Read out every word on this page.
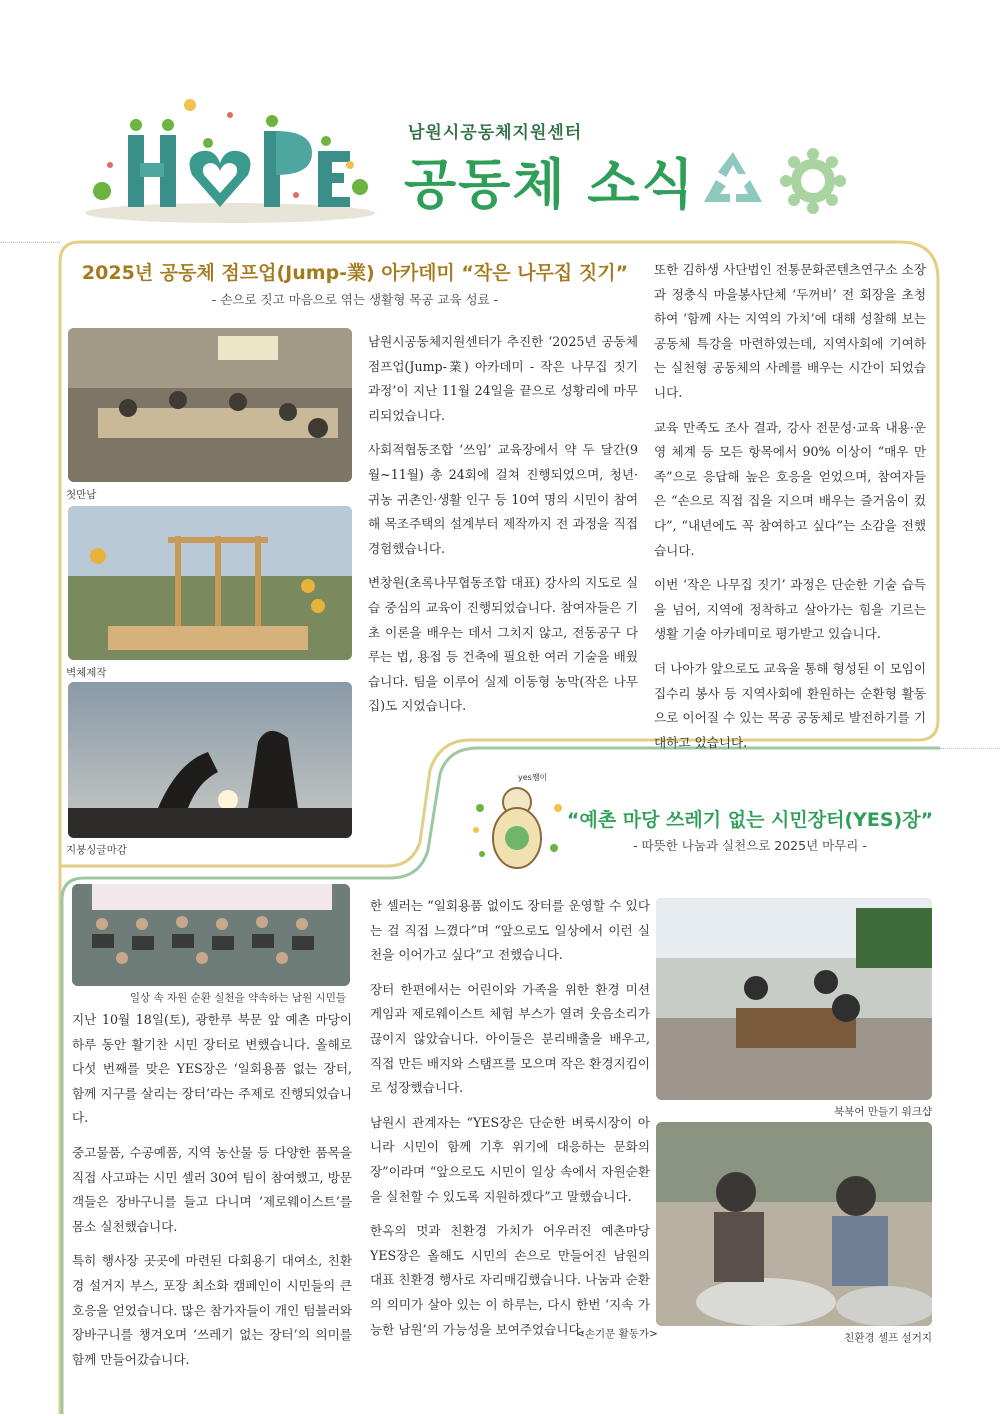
남원시공동체지원센터
공동체 소식
2025년 공동체 점프업(Jump-業) 아카데미 “작은 나무집 짓기”
- 손으로 짓고 마음으로 엮는 생활형 목공 교육 성료 -
첫만남
벽체제작
지붕싱글마감

남원시공동체지원센터가 추진한 ‘2025년 공동체 점프업(Jump-業) 아카데미 - 작은 나무집 짓기 과정’이 지난 11월 24일을 끝으로 성황리에 마무리되었습니다.

사회적협동조합 ‘쓰임’ 교육장에서 약 두 달간(9월~11월) 총 24회에 걸쳐 진행되었으며, 청년·귀농 귀촌인·생활 인구 등 10여 명의 시민이 참여해 목조주택의 설계부터 제작까지 전 과정을 직접 경험했습니다.

변창원(초록나무협동조합 대표) 강사의 지도로 실습 중심의 교육이 진행되었습니다. 참여자들은 기초 이론을 배우는 데서 그치지 않고, 전동공구 다루는 법, 용접 등 건축에 필요한 여러 기술을 배웠습니다. 팀을 이루어 실제 이동형 농막(작은 나무집)도 지었습니다.

또한 김하생 사단법인 전통문화콘텐츠연구소 소장과 정충식 마을봉사단체 ‘두꺼비’ 전 회장을 초청하여 ‘함께 사는 지역의 가치’에 대해 성찰해 보는 공동체 특강을 마련하였는데, 지역사회에 기여하는 실천형 공동체의 사례를 배우는 시간이 되었습니다.

교육 만족도 조사 결과, 강사 전문성·교육 내용·운영 체계 등 모든 항목에서 90% 이상이 “매우 만족”으로 응답해 높은 호응을 얻었으며, 참여자들은 “손으로 직접 집을 지으며 배우는 즐거움이 컸다”, “내년에도 꼭 참여하고 싶다”는 소감을 전했습니다.

이번 ‘작은 나무집 짓기’ 과정은 단순한 기술 습득을 넘어, 지역에 정착하고 살아가는 힘을 기르는 생활 기술 아카데미로 평가받고 있습니다.

더 나아가 앞으로도 교육을 통해 형성된 이 모임이 집수리 봉사 등 지역사회에 환원하는 순환형 활동으로 이어질 수 있는 목공 공동체로 발전하기를 기대하고 있습니다.

yes쨈이
“예촌 마당 쓰레기 없는 시민장터(YES)장”
- 따뜻한 나눔과 실천으로 2025년 마무리 -
일상 속 자원 순환 실천을 약속하는 남원 시민들

지난 10월 18일(토), 광한루 북문 앞 예촌 마당이 하루 동안 활기찬 시민 장터로 변했습니다. 올해로 다섯 번째를 맞은 YES장은 ‘일회용품 없는 장터, 함께 지구를 살리는 장터’라는 주제로 진행되었습니다.

중고물품, 수공예품, 지역 농산물 등 다양한 품목을 직접 사고파는 시민 셀러 30여 팀이 참여했고, 방문객들은 장바구니를 들고 다니며 ‘제로웨이스트’를 몸소 실천했습니다.

특히 행사장 곳곳에 마련된 다회용기 대여소, 친환경 설거지 부스, 포장 최소화 캠페인이 시민들의 큰 호응을 얻었습니다. 많은 참가자들이 개인 텀블러와 장바구니를 챙겨오며 ‘쓰레기 없는 장터’의 의미를 함께 만들어갔습니다.

한 셀러는 “일회용품 없이도 장터를 운영할 수 있다는 걸 직접 느꼈다”며 “앞으로도 일상에서 이런 실천을 이어가고 싶다”고 전했습니다.

장터 한편에서는 어린이와 가족을 위한 환경 미션 게임과 제로웨이스트 체험 부스가 열려 웃음소리가 끊이지 않았습니다. 아이들은 분리배출을 배우고, 직접 만든 배지와 스탬프를 모으며 작은 환경지킴이로 성장했습니다.

남원시 관계자는 “YES장은 단순한 벼룩시장이 아니라 시민이 함께 기후 위기에 대응하는 문화의 장”이라며 “앞으로도 시민이 일상 속에서 자원순환을 실천할 수 있도록 지원하겠다”고 말했습니다.

한옥의 멋과 친환경 가치가 어우러진 예촌마당 YES장은 올해도 시민의 손으로 만들어진 남원의 대표 친환경 행사로 자리매김했습니다. 나눔과 순환의 의미가 살아 있는 이 하루는, 다시 한번 ‘지속 가능한 남원’의 가능성을 보여주었습니다.

<손기문 활동가>
북북어 만들기 워크샵
친환경 셀프 설거지
